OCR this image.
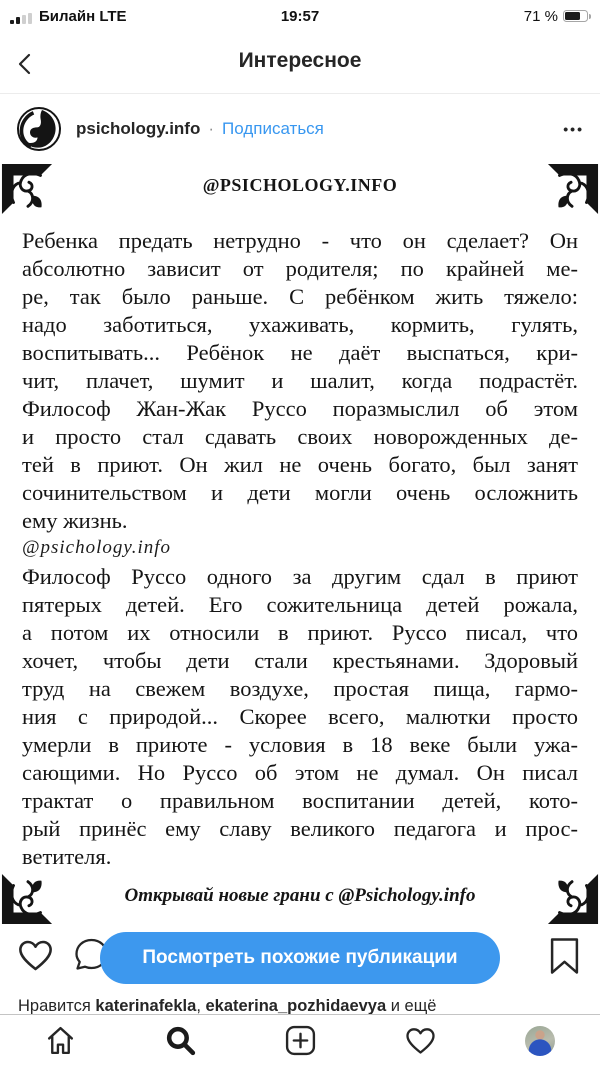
Билайн LTE	19:57	71 %
Интересное
psichology.info · Подписаться	•••
@PSICHOLOGY.INFO
Ребенка предать нетрудно - что он сделает? Он
абсолютно зависит от родителя; по крайней ме-
ре, так было раньше. С ребёнком жить тяжело:
надо заботиться, ухаживать, кормить, гулять,
воспитывать... Ребёнок не даёт выспаться, кри-
чит, плачет, шумит и шалит, когда подрастёт.
Философ Жан-Жак Руссо поразмыслил об этом
и просто стал сдавать своих новорожденных де-
тей в приют. Он жил не очень богато, был занят
сочинительством и дети могли очень осложнить
ему жизнь.
@psichology.info
Философ Руссо одного за другим сдал в приют
пятерых детей. Его сожительница детей рожала,
а потом их относили в приют. Руссо писал, что
хочет, чтобы дети стали крестьянами. Здоровый
труд на свежем воздухе, простая пища, гармо-
ния с природой... Скорее всего, малютки просто
умерли в приюте - условия в 18 веке были ужа-
сающими. Но Руссо об этом не думал. Он писал
трактат о правильном воспитании детей, кото-
рый принёс ему славу великого педагога и прос-
ветителя.
Открывай новые грани с @Psichology.info
Посмотреть похожие публикации
Нравится katerinafekla, ekaterina_pozhidaevya и ещё
